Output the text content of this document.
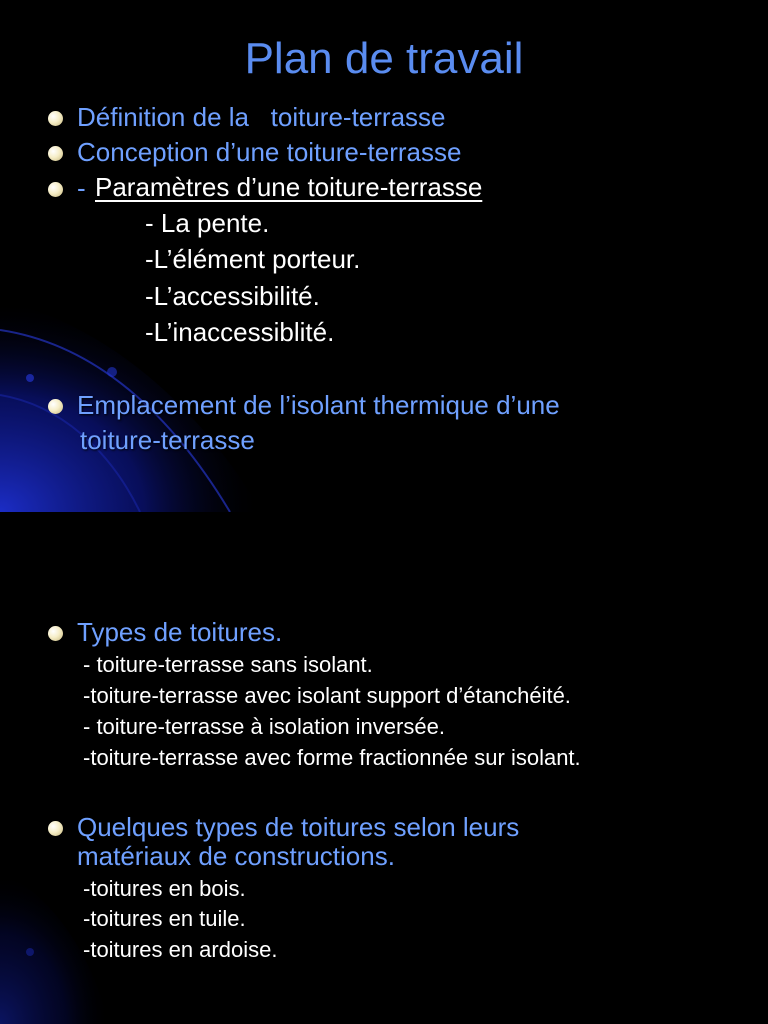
Plan de travail
Définition de la   toiture-terrasse
Conception d’une toiture-terrasse
- Paramètres d’une toiture-terrasse
- La pente.
-L’élément porteur.
-L’accessibilité.
-L’inaccessiblité.
Emplacement de l’isolant thermique d’une
toiture-terrasse
Types de toitures.
- toiture-terrasse sans isolant.
-toiture-terrasse avec isolant support d’étanchéité.
- toiture-terrasse à isolation inversée.
-toiture-terrasse avec forme fractionnée sur isolant.
Quelques types de toitures selon leurs
matériaux de constructions.
-toitures en bois.
-toitures en tuile.
-toitures en ardoise.
